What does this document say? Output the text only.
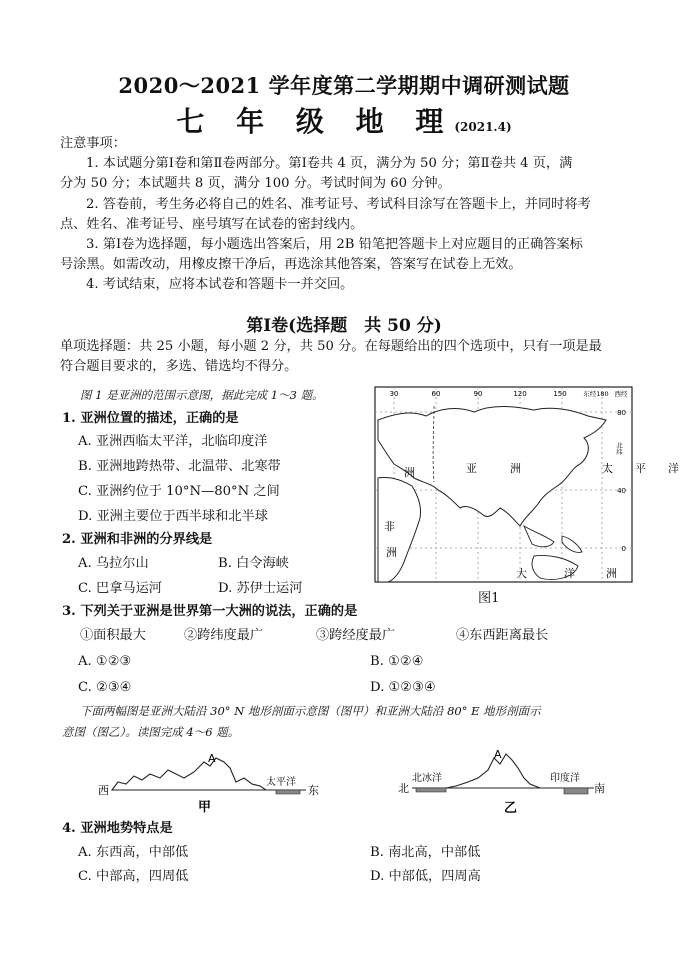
2020～2021 学年度第二学期期中调研测试题
七 年 级 地 理(2021.4)
注意事项：
1. 本试题分第Ⅰ卷和第Ⅱ卷两部分。第Ⅰ卷共 4 页，满分为 50 分；第Ⅱ卷共 4 页，满
分为 50 分；本试题共 8 页，满分 100 分。考试时间为 60 分钟。
2. 答卷前，考生务必将自己的姓名、准考证号、考试科目涂写在答题卡上，并同时将考
点、姓名、准考证号、座号填写在试卷的密封线内。
3. 第Ⅰ卷为选择题，每小题选出答案后，用 2B 铅笔把答题卡上对应题目的正确答案标
号涂黑。如需改动，用橡皮擦干净后，再选涂其他答案，答案写在试卷上无效。
4. 考试结束，应将本试卷和答题卡一并交回。
第Ⅰ卷(选择题　共 50 分)
单项选择题：共 25 小题，每小题 2 分，共 50 分。在每题给出的四个选项中，只有一项是最
符合题目要求的，多选、错选均不得分。
图 1 是亚洲的范围示意图，据此完成 1～3 题。
1. 亚洲位置的描述，正确的是
A. 亚洲西临太平洋，北临印度洋
B. 亚洲地跨热带、北温带、北寒带
C. 亚洲约位于 10°N—80°N 之间
D. 亚洲主要位于西半球和北半球
2. 亚洲和非洲的分界线是
A. 乌拉尔山	B. 白令海峡
C. 巴拿马运河	D. 苏伊士运河
30	60	90	120	150	东经180 西经
80
40
0
北纬
洲	亚	洲
非
洲
太　　平　　洋
大	洋	洲
图1
3. 下列关于亚洲是世界第一大洲的说法，正确的是
①面积最大	②跨纬度最广	③跨经度最广	④东西距离最长
A. ①②③	B. ①②④
C. ②③④	D. ①②③④
下面两幅图是亚洲大陆沿 30° N 地形剖面示意图（图甲）和亚洲大陆沿 80° E 地形剖面示
意图（图乙）。读图完成 4～6 题。
西	东
A
太平洋
甲
北	南
A
北冰洋	印度洋
乙
4. 亚洲地势特点是
A. 东西高，中部低	B. 南北高，中部低
C. 中部高，四周低	D. 中部低，四周高
